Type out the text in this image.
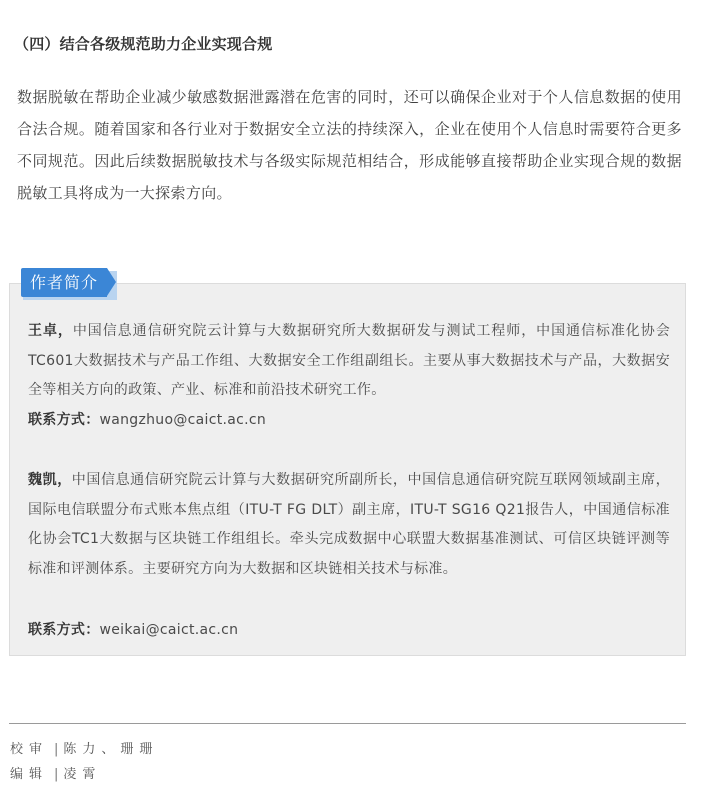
（四）结合各级规范助力企业实现合规

数据脱敏在帮助企业减少敏感数据泄露潜在危害的同时，还可以确保企业对于个人信息数据的使用合法合规。随着国家和各行业对于数据安全立法的持续深入，企业在使用个人信息时需要符合更多不同规范。因此后续数据脱敏技术与各级实际规范相结合，形成能够直接帮助企业实现合规的数据脱敏工具将成为一大探索方向。

作者简介

王卓，中国信息通信研究院云计算与大数据研究所大数据研发与测试工程师，中国通信标准化协会TC601大数据技术与产品工作组、大数据安全工作组副组长。主要从事大数据技术与产品，大数据安全等相关方向的政策、产业、标准和前沿技术研究工作。

联系方式：wangzhuo@caict.ac.cn

魏凯，中国信息通信研究院云计算与大数据研究所副所长，中国信息通信研究院互联网领域副主席，国际电信联盟分布式账本焦点组（ITU-T FG DLT）副主席，ITU-T SG16 Q21报告人，中国通信标准化协会TC1大数据与区块链工作组组长。牵头完成数据中心联盟大数据基准测试、可信区块链评测等标准和评测体系。主要研究方向为大数据和区块链相关技术与标准。

联系方式：weikai@caict.ac.cn
校审 | 陈力、珊珊
编辑 | 凌霄
